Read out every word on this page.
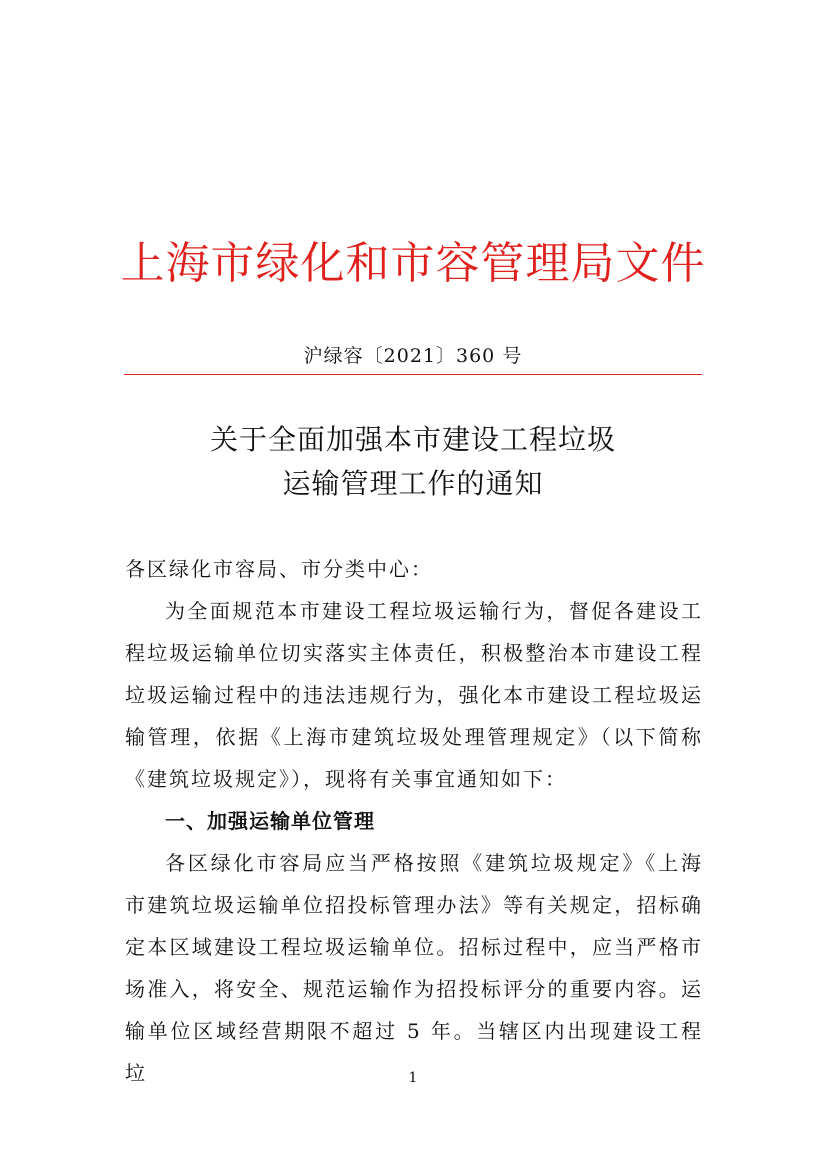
上海市绿化和市容管理局文件
沪绿容〔2021〕360 号
关于全面加强本市建设工程垃圾
运输管理工作的通知

各区绿化市容局、市分类中心：

为全面规范本市建设工程垃圾运输行为，督促各建设工程垃圾运输单位切实落实主体责任，积极整治本市建设工程垃圾运输过程中的违法违规行为，强化本市建设工程垃圾运输管理，依据《上海市建筑垃圾处理管理规定》（以下简称《建筑垃圾规定》），现将有关事宜通知如下：

一、加强运输单位管理

各区绿化市容局应当严格按照《建筑垃圾规定》《上海市建筑垃圾运输单位招投标管理办法》等有关规定，招标确定本区域建设工程垃圾运输单位。招标过程中，应当严格市场准入，将安全、规范运输作为招投标评分的重要内容。运输单位区域经营期限不超过 5 年。当辖区内出现建设工程垃	1
